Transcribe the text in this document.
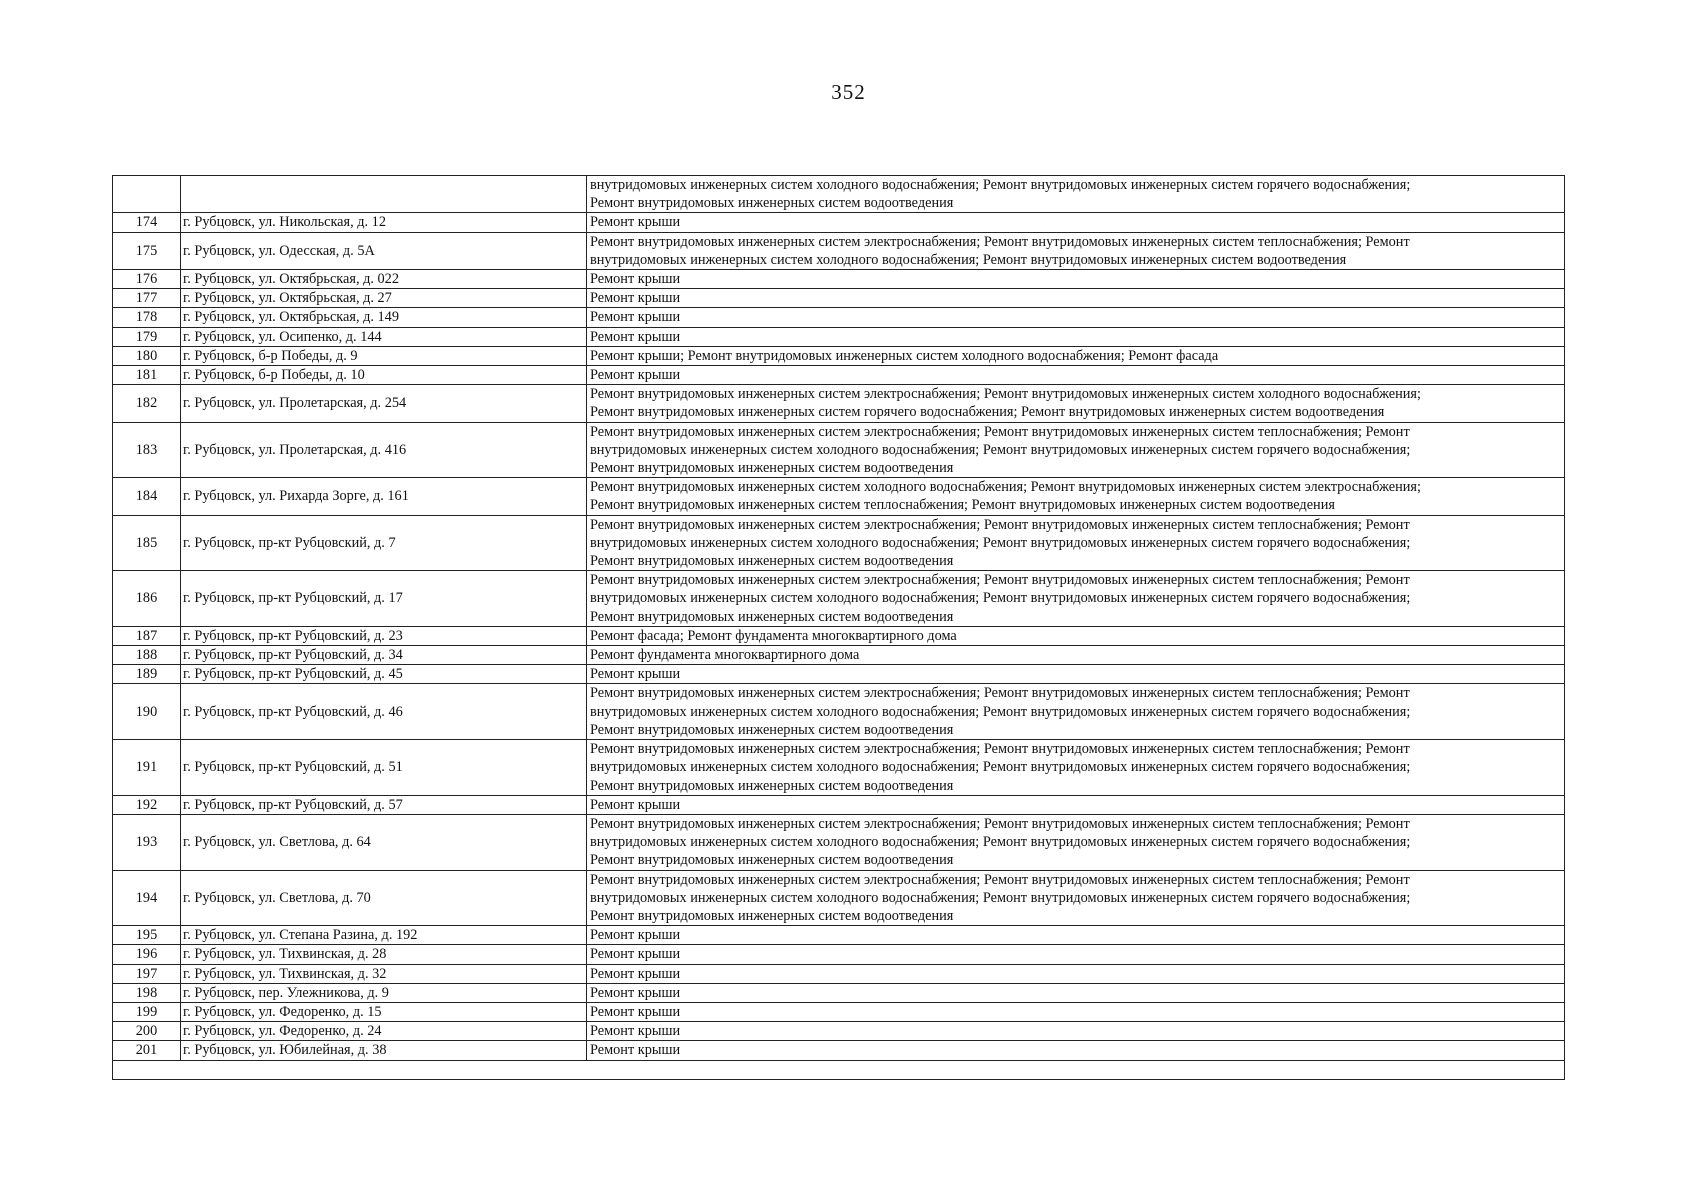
352
		внутридомовых инженерных систем холодного водоснабжения; Ремонт внутридомовых инженерных систем горячего водоснабжения;
Ремонт внутридомовых инженерных систем водоотведения
174	г. Рубцовск, ул. Никольская, д. 12	Ремонт крыши
175	г. Рубцовск, ул. Одесская, д. 5А	Ремонт внутридомовых инженерных систем электроснабжения; Ремонт внутридомовых инженерных систем теплоснабжения; Ремонт
внутридомовых инженерных систем холодного водоснабжения; Ремонт внутридомовых инженерных систем водоотведения
176	г. Рубцовск, ул. Октябрьская, д. 022	Ремонт крыши
177	г. Рубцовск, ул. Октябрьская, д. 27	Ремонт крыши
178	г. Рубцовск, ул. Октябрьская, д. 149	Ремонт крыши
179	г. Рубцовск, ул. Осипенко, д. 144	Ремонт крыши
180	г. Рубцовск, б-р Победы, д. 9	Ремонт крыши; Ремонт внутридомовых инженерных систем холодного водоснабжения; Ремонт фасада
181	г. Рубцовск, б-р Победы, д. 10	Ремонт крыши
182	г. Рубцовск, ул. Пролетарская, д. 254	Ремонт внутридомовых инженерных систем электроснабжения; Ремонт внутридомовых инженерных систем холодного водоснабжения;
Ремонт внутридомовых инженерных систем горячего водоснабжения; Ремонт внутридомовых инженерных систем водоотведения
183	г. Рубцовск, ул. Пролетарская, д. 416	Ремонт внутридомовых инженерных систем электроснабжения; Ремонт внутридомовых инженерных систем теплоснабжения; Ремонт
внутридомовых инженерных систем холодного водоснабжения; Ремонт внутридомовых инженерных систем горячего водоснабжения;
Ремонт внутридомовых инженерных систем водоотведения
184	г. Рубцовск, ул. Рихарда Зорге, д. 161	Ремонт внутридомовых инженерных систем холодного водоснабжения; Ремонт внутридомовых инженерных систем электроснабжения;
Ремонт внутридомовых инженерных систем теплоснабжения; Ремонт внутридомовых инженерных систем водоотведения
185	г. Рубцовск, пр-кт Рубцовский, д. 7	Ремонт внутридомовых инженерных систем электроснабжения; Ремонт внутридомовых инженерных систем теплоснабжения; Ремонт
внутридомовых инженерных систем холодного водоснабжения; Ремонт внутридомовых инженерных систем горячего водоснабжения;
Ремонт внутридомовых инженерных систем водоотведения
186	г. Рубцовск, пр-кт Рубцовский, д. 17	Ремонт внутридомовых инженерных систем электроснабжения; Ремонт внутридомовых инженерных систем теплоснабжения; Ремонт
внутридомовых инженерных систем холодного водоснабжения; Ремонт внутридомовых инженерных систем горячего водоснабжения;
Ремонт внутридомовых инженерных систем водоотведения
187	г. Рубцовск, пр-кт Рубцовский, д. 23	Ремонт фасада; Ремонт фундамента многоквартирного дома
188	г. Рубцовск, пр-кт Рубцовский, д. 34	Ремонт фундамента многоквартирного дома
189	г. Рубцовск, пр-кт Рубцовский, д. 45	Ремонт крыши
190	г. Рубцовск, пр-кт Рубцовский, д. 46	Ремонт внутридомовых инженерных систем электроснабжения; Ремонт внутридомовых инженерных систем теплоснабжения; Ремонт
внутридомовых инженерных систем холодного водоснабжения; Ремонт внутридомовых инженерных систем горячего водоснабжения;
Ремонт внутридомовых инженерных систем водоотведения
191	г. Рубцовск, пр-кт Рубцовский, д. 51	Ремонт внутридомовых инженерных систем электроснабжения; Ремонт внутридомовых инженерных систем теплоснабжения; Ремонт
внутридомовых инженерных систем холодного водоснабжения; Ремонт внутридомовых инженерных систем горячего водоснабжения;
Ремонт внутридомовых инженерных систем водоотведения
192	г. Рубцовск, пр-кт Рубцовский, д. 57	Ремонт крыши
193	г. Рубцовск, ул. Светлова, д. 64	Ремонт внутридомовых инженерных систем электроснабжения; Ремонт внутридомовых инженерных систем теплоснабжения; Ремонт
внутридомовых инженерных систем холодного водоснабжения; Ремонт внутридомовых инженерных систем горячего водоснабжения;
Ремонт внутридомовых инженерных систем водоотведения
194	г. Рубцовск, ул. Светлова, д. 70	Ремонт внутридомовых инженерных систем электроснабжения; Ремонт внутридомовых инженерных систем теплоснабжения; Ремонт
внутридомовых инженерных систем холодного водоснабжения; Ремонт внутридомовых инженерных систем горячего водоснабжения;
Ремонт внутридомовых инженерных систем водоотведения
195	г. Рубцовск, ул. Степана Разина, д. 192	Ремонт крыши
196	г. Рубцовск, ул. Тихвинская, д. 28	Ремонт крыши
197	г. Рубцовск, ул. Тихвинская, д. 32	Ремонт крыши
198	г. Рубцовск, пер. Улежникова, д. 9	Ремонт крыши
199	г. Рубцовск, ул. Федоренко, д. 15	Ремонт крыши
200	г. Рубцовск, ул. Федоренко, д. 24	Ремонт крыши
201	г. Рубцовск, ул. Юбилейная, д. 38	Ремонт крыши
